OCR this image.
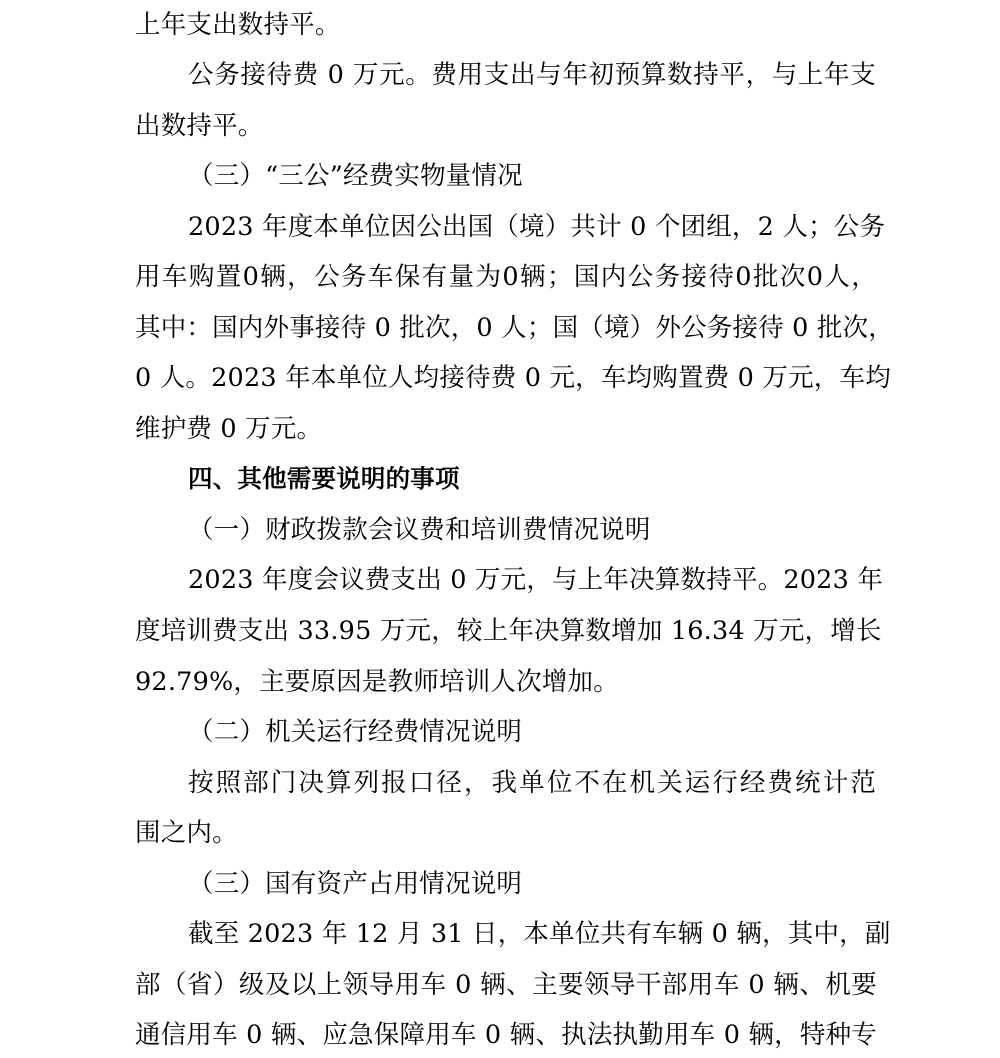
上年支出数持平。
公务接待费 0 万元。费用支出与年初预算数持平，与上年支
出数持平。
（三）“三公”经费实物量情况
2023 年度本单位因公出国（境）共计 0 个团组，2 人；公务
用车购置0辆，公务车保有量为0辆；国内公务接待0批次0人，
其中：国内外事接待 0 批次，0 人；国（境）外公务接待 0 批次，
0 人。2023 年本单位人均接待费 0 元，车均购置费 0 万元，车均
维护费 0 万元。
四、其他需要说明的事项
（一）财政拨款会议费和培训费情况说明
2023 年度会议费支出 0 万元，与上年决算数持平。2023 年
度培训费支出 33.95 万元，较上年决算数增加 16.34 万元，增长
92.79%，主要原因是教师培训人次增加。
（二）机关运行经费情况说明
按照部门决算列报口径，我单位不在机关运行经费统计范
围之内。
（三）国有资产占用情况说明
截至 2023 年 12 月 31 日，本单位共有车辆 0 辆，其中，副
部（省）级及以上领导用车 0 辆、主要领导干部用车 0 辆、机要
通信用车 0 辆、应急保障用车 0 辆、执法执勤用车 0 辆，特种专
